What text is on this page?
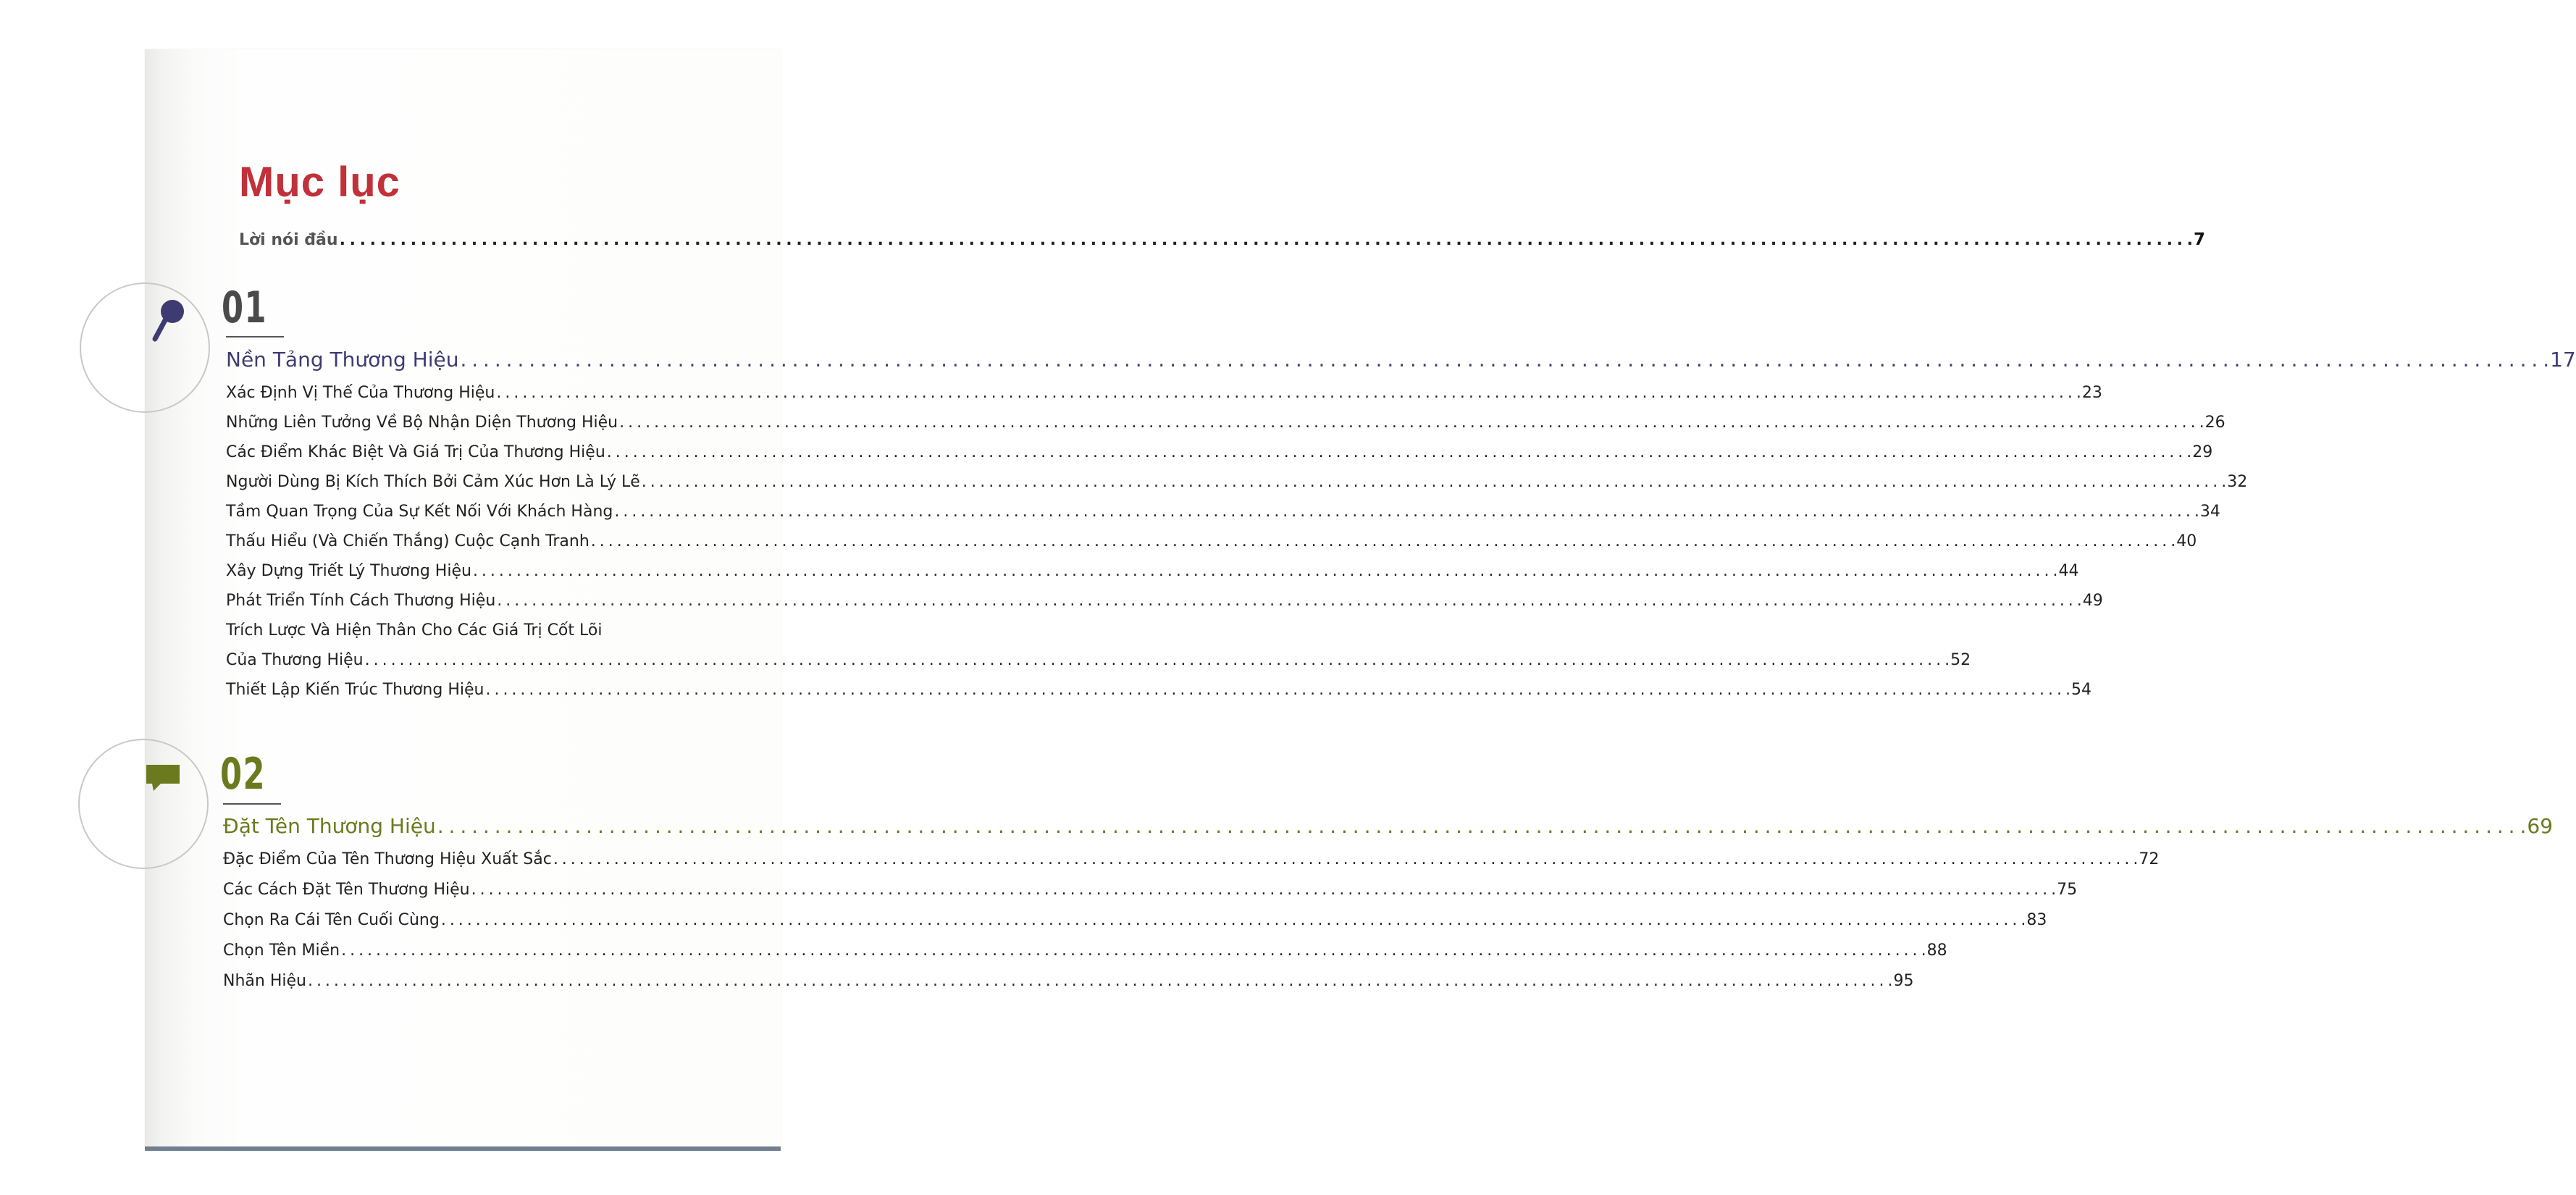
Mục lục
Lời nói đầu . . .	7
01
Nền Tảng Thương Hiệu . . .	17
Xác Định Vị Thế Của Thương Hiệu . . .	23
Những Liên Tưởng Về Bộ Nhận Diện Thương Hiệu . . .	26
Các Điểm Khác Biệt Và Giá Trị Của Thương Hiệu . . .	29
Người Dùng Bị Kích Thích Bởi Cảm Xúc Hơn Là Lý Lẽ . . .	32
Tầm Quan Trọng Của Sự Kết Nối Với Khách Hàng . . .	34
Thấu Hiểu (Và Chiến Thắng) Cuộc Cạnh Tranh . . .	40
Xây Dựng Triết Lý Thương Hiệu . . .	44
Phát Triển Tính Cách Thương Hiệu . . .	49
Trích Lược Và Hiện Thân Cho Các Giá Trị Cốt Lõi
Của Thương Hiệu . . .	52
Thiết Lập Kiến Trúc Thương Hiệu . . .	54
02
Đặt Tên Thương Hiệu . . .	69
Đặc Điểm Của Tên Thương Hiệu Xuất Sắc . . .	72
Các Cách Đặt Tên Thương Hiệu . . .	75
Chọn Ra Cái Tên Cuối Cùng . . .	83
Chọn Tên Miền . . .	88
Nhãn Hiệu . . .	95
